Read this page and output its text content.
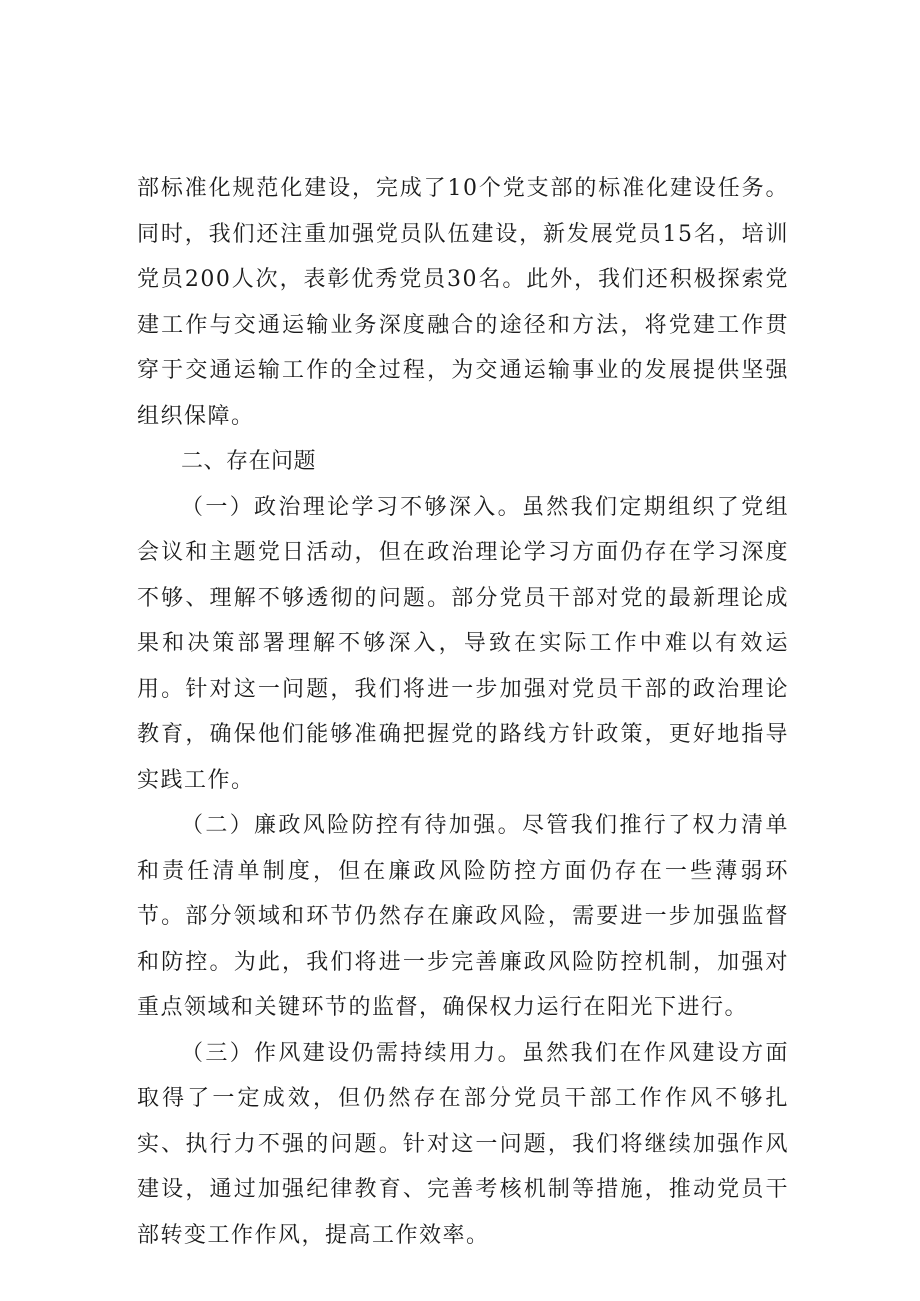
部标准化规范化建设，完成了10个党支部的标准化建设任务。同时，我们还注重加强党员队伍建设，新发展党员15名，培训党员200人次，表彰优秀党员30名。此外，我们还积极探索党建工作与交通运输业务深度融合的途径和方法，将党建工作贯穿于交通运输工作的全过程，为交通运输事业的发展提供坚强组织保障。

二、存在问题

（一）政治理论学习不够深入。虽然我们定期组织了党组会议和主题党日活动，但在政治理论学习方面仍存在学习深度不够、理解不够透彻的问题。部分党员干部对党的最新理论成果和决策部署理解不够深入，导致在实际工作中难以有效运用。针对这一问题，我们将进一步加强对党员干部的政治理论教育，确保他们能够准确把握党的路线方针政策，更好地指导实践工作。

（二）廉政风险防控有待加强。尽管我们推行了权力清单和责任清单制度，但在廉政风险防控方面仍存在一些薄弱环节。部分领域和环节仍然存在廉政风险，需要进一步加强监督和防控。为此，我们将进一步完善廉政风险防控机制，加强对重点领域和关键环节的监督，确保权力运行在阳光下进行。

（三）作风建设仍需持续用力。虽然我们在作风建设方面取得了一定成效，但仍然存在部分党员干部工作作风不够扎实、执行力不强的问题。针对这一问题，我们将继续加强作风建设，通过加强纪律教育、完善考核机制等措施，推动党员干部转变工作作风，提高工作效率。
